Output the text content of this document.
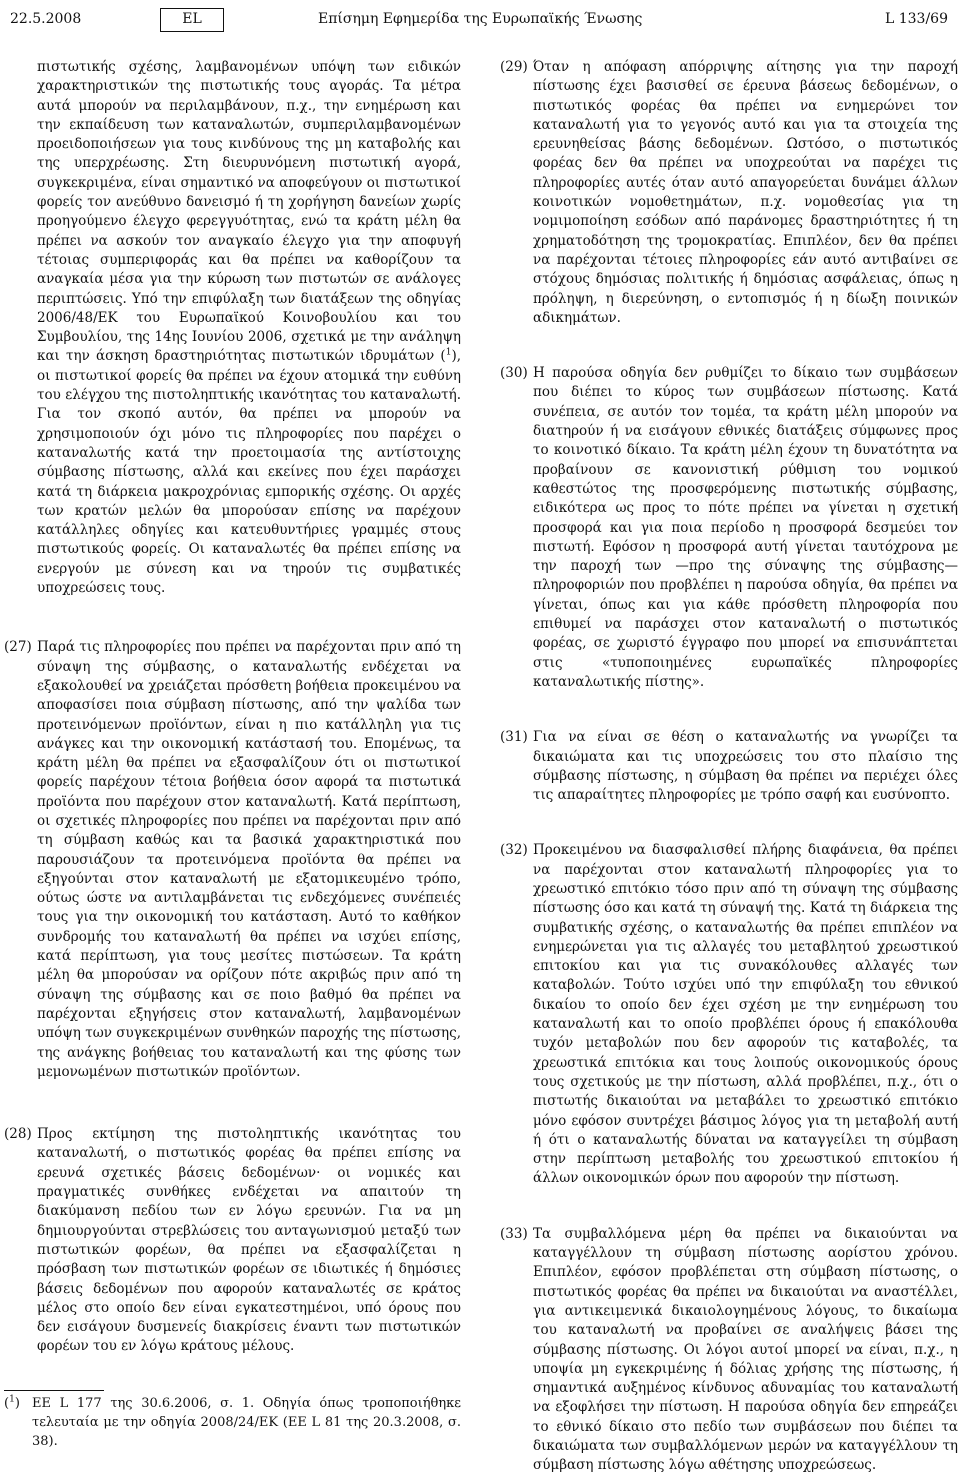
22.5.2008	EL	Επίσημη Εφημερίδα της Ευρωπαϊκής Ένωσης	L 133/69

πιστωτικής σχέσης, λαμβανομένων υπόψη των ειδικών χαρακτηριστικών της πιστωτικής τους αγοράς. Τα μέτρα αυτά μπορούν να περιλαμβάνουν, π.χ., την ενημέρωση και την εκπαίδευση των καταναλωτών, συμπεριλαμβανομένων προειδοποιήσεων για τους κινδύνους της μη καταβολής και της υπερχρέωσης. Στη διευρυνόμενη πιστωτική αγορά, συγκεκριμένα, είναι σημαντικό να αποφεύγουν οι πιστωτικοί φορείς τον ανεύθυνο δανεισμό ή τη χορήγηση δανείων χωρίς προηγούμενο έλεγχο φερεγγυότητας, ενώ τα κράτη μέλη θα πρέπει να ασκούν τον αναγκαίο έλεγχο για την αποφυγή τέτοιας συμπεριφοράς και θα πρέπει να καθορίζουν τα αναγκαία μέσα για την κύρωση των πιστωτών σε ανάλογες περιπτώσεις. Υπό την επιφύλαξη των διατάξεων της οδηγίας 2006/48/ΕΚ του Ευρωπαϊκού Κοινοβουλίου και του Συμβουλίου, της 14ης Ιουνίου 2006, σχετικά με την ανάληψη και την άσκηση δραστηριότητας πιστωτικών ιδρυμάτων ($^1$), οι πιστωτικοί φορείς θα πρέπει να έχουν ατομικά την ευθύνη του ελέγχου της πιστοληπτικής ικανότητας του καταναλωτή. Για τον σκοπό αυτόν, θα πρέπει να μπορούν να χρησιμοποιούν όχι μόνο τις πληροφορίες που παρέχει ο καταναλωτής κατά την προετοιμασία της αντίστοιχης σύμβασης πίστωσης, αλλά και εκείνες που έχει παράσχει κατά τη διάρκεια μακροχρόνιας εμπορικής σχέσης. Οι αρχές των κρατών μελών θα μπορούσαν επίσης να παρέχουν κατάλληλες οδηγίες και κατευθυντήριες γραμμές στους πιστωτικούς φορείς. Οι καταναλωτές θα πρέπει επίσης να ενεργούν με σύνεση και να τηρούν τις συμβατικές υποχρεώσεις τους.

(27) Παρά τις πληροφορίες που πρέπει να παρέχονται πριν από τη σύναψη της σύμβασης, ο καταναλωτής ενδέχεται να εξακολουθεί να χρειάζεται πρόσθετη βοήθεια προκειμένου να αποφασίσει ποια σύμβαση πίστωσης, από την ψαλίδα των προτεινόμενων προϊόντων, είναι η πιο κατάλληλη για τις ανάγκες και την οικονομική κατάστασή του. Επομένως, τα κράτη μέλη θα πρέπει να εξασφαλίζουν ότι οι πιστωτικοί φορείς παρέχουν τέτοια βοήθεια όσον αφορά τα πιστωτικά προϊόντα που παρέχουν στον καταναλωτή. Κατά περίπτωση, οι σχετικές πληροφορίες που πρέπει να παρέχονται πριν από τη σύμβαση καθώς και τα βασικά χαρακτηριστικά που παρουσιάζουν τα προτεινόμενα προϊόντα θα πρέπει να εξηγούνται στον καταναλωτή με εξατομικευμένο τρόπο, ούτως ώστε να αντιλαμβάνεται τις ενδεχόμενες συνέπειές τους για την οικονομική του κατάσταση. Αυτό το καθήκον συνδρομής του καταναλωτή θα πρέπει να ισχύει επίσης, κατά περίπτωση, για τους μεσίτες πιστώσεων. Τα κράτη μέλη θα μπορούσαν να ορίζουν πότε ακριβώς πριν από τη σύναψη της σύμβασης και σε ποιο βαθμό θα πρέπει να παρέχονται εξηγήσεις στον καταναλωτή, λαμβανομένων υπόψη των συγκεκριμένων συνθηκών παροχής της πίστωσης, της ανάγκης βοήθειας του καταναλωτή και της φύσης των μεμονωμένων πιστωτικών προϊόντων.
(28) Προς εκτίμηση της πιστοληπτικής ικανότητας του καταναλωτή, ο πιστωτικός φορέας θα πρέπει επίσης να ερευνά σχετικές βάσεις δεδομένων· οι νομικές και πραγματικές συνθήκες ενδέχεται να απαιτούν τη διακύμανση πεδίου των εν λόγω ερευνών. Για να μη δημιουργούνται στρεβλώσεις του ανταγωνισμού μεταξύ των πιστωτικών φορέων, θα πρέπει να εξασφαλίζεται η πρόσβαση των πιστωτικών φορέων σε ιδιωτικές ή δημόσιες βάσεις δεδομένων που αφορούν καταναλωτές σε κράτος μέλος στο οποίο δεν είναι εγκατεστημένοι, υπό όρους που δεν εισάγουν δυσμενείς διακρίσεις έναντι των πιστωτικών φορέων του εν λόγω κράτους μέλους.
(29) Όταν η απόφαση απόρριψης αίτησης για την παροχή πίστωσης έχει βασισθεί σε έρευνα βάσεως δεδομένων, ο πιστωτικός φορέας θα πρέπει να ενημερώνει τον καταναλωτή για το γεγονός αυτό και για τα στοιχεία της ερευνηθείσας βάσης δεδομένων. Ωστόσο, ο πιστωτικός φορέας δεν θα πρέπει να υποχρεούται να παρέχει τις πληροφορίες αυτές όταν αυτό απαγορεύεται δυνάμει άλλων κοινοτικών νομοθετημάτων, π.χ. νομοθεσίας για τη νομιμοποίηση εσόδων από παράνομες δραστηριότητες ή τη χρηματοδότηση της τρομοκρατίας. Επιπλέον, δεν θα πρέπει να παρέχονται τέτοιες πληροφορίες εάν αυτό αντιβαίνει σε στόχους δημόσιας πολιτικής ή δημόσιας ασφάλειας, όπως η πρόληψη, η διερεύνηση, ο εντοπισμός ή η δίωξη ποινικών αδικημάτων.
(30) Η παρούσα οδηγία δεν ρυθμίζει το δίκαιο των συμβάσεων που διέπει το κύρος των συμβάσεων πίστωσης. Κατά συνέπεια, σε αυτόν τον τομέα, τα κράτη μέλη μπορούν να διατηρούν ή να εισάγουν εθνικές διατάξεις σύμφωνες προς το κοινοτικό δίκαιο. Τα κράτη μέλη έχουν τη δυνατότητα να προβαίνουν σε κανονιστική ρύθμιση του νομικού καθεστώτος της προσφερόμενης πιστωτικής σύμβασης, ειδικότερα ως προς το πότε πρέπει να γίνεται η σχετική προσφορά και για ποια περίοδο η προσφορά δεσμεύει τον πιστωτή. Εφόσον η προσφορά αυτή γίνεται ταυτόχρονα με την παροχή των —προ της σύναψης της σύμβασης— πληροφοριών που προβλέπει η παρούσα οδηγία, θα πρέπει να γίνεται, όπως και για κάθε πρόσθετη πληροφορία που επιθυμεί να παράσχει στον καταναλωτή ο πιστωτικός φορέας, σε χωριστό έγγραφο που μπορεί να επισυνάπτεται στις «τυποποιημένες ευρωπαϊκές πληροφορίες καταναλωτικής πίστης».
(31) Για να είναι σε θέση ο καταναλωτής να γνωρίζει τα δικαιώματα και τις υποχρεώσεις του στο πλαίσιο της σύμβασης πίστωσης, η σύμβαση θα πρέπει να περιέχει όλες τις απαραίτητες πληροφορίες με τρόπο σαφή και ευσύνοπτο.
(32) Προκειμένου να διασφαλισθεί πλήρης διαφάνεια, θα πρέπει να παρέχονται στον καταναλωτή πληροφορίες για το χρεωστικό επιτόκιο τόσο πριν από τη σύναψη της σύμβασης πίστωσης όσο και κατά τη σύναψή της. Κατά τη διάρκεια της συμβατικής σχέσης, ο καταναλωτής θα πρέπει επιπλέον να ενημερώνεται για τις αλλαγές του μεταβλητού χρεωστικού επιτοκίου και για τις συνακόλουθες αλλαγές των καταβολών. Τούτο ισχύει υπό την επιφύλαξη του εθνικού δικαίου το οποίο δεν έχει σχέση με την ενημέρωση του καταναλωτή και το οποίο προβλέπει όρους ή επακόλουθα τυχόν μεταβολών που δεν αφορούν τις καταβολές, τα χρεωστικά επιτόκια και τους λοιπούς οικονομικούς όρους τους σχετικούς με την πίστωση, αλλά προβλέπει, π.χ., ότι ο πιστωτής δικαιούται να μεταβάλει το χρεωστικό επιτόκιο μόνο εφόσον συντρέχει βάσιμος λόγος για τη μεταβολή αυτή ή ότι ο καταναλωτής δύναται να καταγγείλει τη σύμβαση στην περίπτωση μεταβολής του χρεωστικού επιτοκίου ή άλλων οικονομικών όρων που αφορούν την πίστωση.
(33) Τα συμβαλλόμενα μέρη θα πρέπει να δικαιούνται να καταγγέλλουν τη σύμβαση πίστωσης αορίστου χρόνου. Επιπλέον, εφόσον προβλέπεται στη σύμβαση πίστωσης, ο πιστωτικός φορέας θα πρέπει να δικαιούται να αναστέλλει, για αντικειμενικά δικαιολογημένους λόγους, το δικαίωμα του καταναλωτή να προβαίνει σε αναλήψεις βάσει της σύμβασης πίστωσης. Οι λόγοι αυτοί μπορεί να είναι, π.χ., η υποψία μη εγκεκριμένης ή δόλιας χρήσης της πίστωσης, ή σημαντικά αυξημένος κίνδυνος αδυναμίας του καταναλωτή να εξοφλήσει την πίστωση. Η παρούσα οδηγία δεν επηρεάζει το εθνικό δίκαιο στο πεδίο των συμβάσεων που διέπει τα δικαιώματα των συμβαλλόμενων μερών να καταγγέλλουν τη σύμβαση πίστωσης λόγω αθέτησης υποχρεώσεως.
($^1$) EE L 177 της 30.6.2006, σ. 1. Οδηγία όπως τροποποιήθηκε τελευταία με την οδηγία 2008/24/ΕΚ (ΕΕ L 81 της 20.3.2008, σ. 38).
